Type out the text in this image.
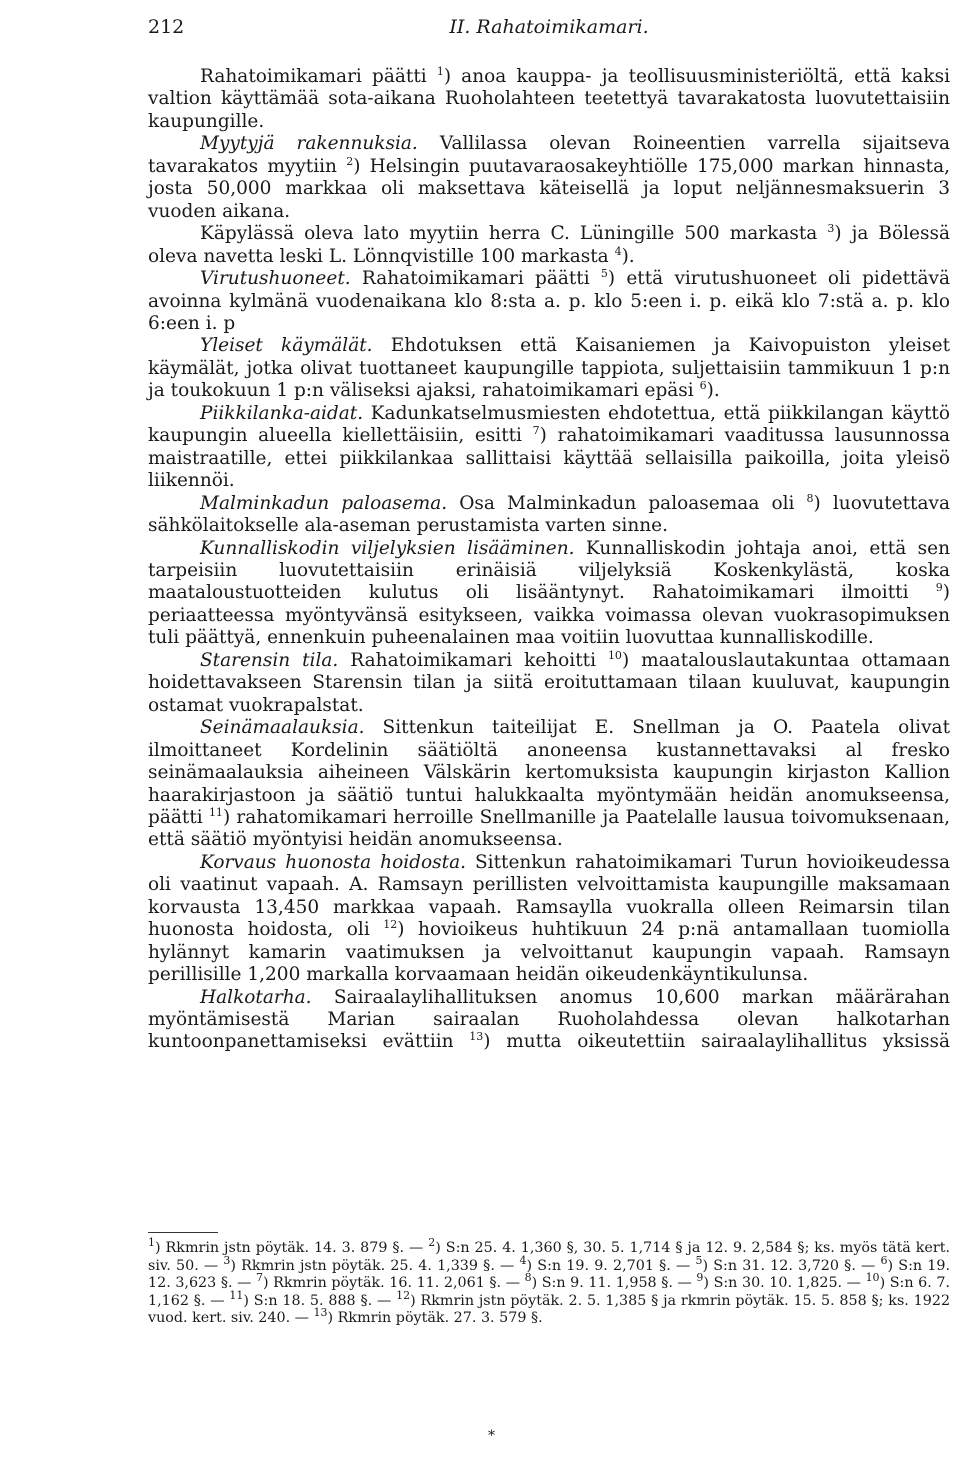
212	II. Rahatoimikamari.

Rahatoimikamari päätti $^1$) anoa kauppa- ja teollisuusministeriöltä, että kaksi valtion käyttämää sota-aikana Ruoholahteen teetettyä tavarakatosta luovutettaisiin kaupungille.

Myytyjä rakennuksia. Vallilassa olevan Roineentien varrella sijaitseva tavarakatos myytiin $^2$) Helsingin puutavaraosakeyhtiölle 175,000 markan hinnasta, josta 50,000 markkaa oli maksettava käteisellä ja loput neljännesmaksuerin 3 vuoden aikana.

Käpylässä oleva lato myytiin herra C. Lüningille 500 markasta $^3$) ja Bölessä oleva navetta leski L. Lönnqvistille 100 markasta $^4$).

Virutushuoneet. Rahatoimikamari päätti $^5$) että virutushuoneet oli pidettävä avoinna kylmänä vuodenaikana klo 8:sta a. p. klo 5:een i. p. eikä klo 7:stä a. p. klo 6:een i. p

Yleiset käymälät. Ehdotuksen että Kaisaniemen ja Kaivopuiston yleiset käymälät, jotka olivat tuottaneet kaupungille tappiota, suljettaisiin tammikuun 1 p:n ja toukokuun 1 p:n väliseksi ajaksi, rahatoimikamari epäsi $^6$).

Piikkilanka-aidat. Kadunkatselmusmiesten ehdotettua, että piikkilangan käyttö kaupungin alueella kiellettäisiin, esitti $^7$) rahatoimikamari vaaditussa lausunnossa maistraatille, ettei piikkilankaa sallittaisi käyttää sellaisilla paikoilla, joita yleisö liikennöi.

Malminkadun paloasema. Osa Malminkadun paloasemaa oli $^8$) luovutettava sähkölaitokselle ala-aseman perustamista varten sinne.

Kunnalliskodin viljelyksien lisääminen. Kunnalliskodin johtaja anoi, että sen tarpeisiin luovutettaisiin erinäisiä viljelyksiä Koskenkylästä, koska maataloustuotteiden kulutus oli lisääntynyt. Rahatoimikamari ilmoitti $^9$) periaatteessa myöntyvänsä esitykseen, vaikka voimassa olevan vuokrasopimuksen tuli päättyä, ennenkuin puheenalainen maa voitiin luovuttaa kunnalliskodille.

Starensin tila. Rahatoimikamari kehoitti $^{10}$) maatalouslautakuntaa ottamaan hoidettavakseen Starensin tilan ja siitä eroituttamaan tilaan kuuluvat, kaupungin ostamat vuokrapalstat.

Seinämaalauksia. Sittenkun taiteilijat E. Snellman ja O. Paatela olivat ilmoittaneet Kordelinin säätiöltä anoneensa kustannettavaksi al fresko seinämaalauksia aiheineen Välskärin kertomuksista kaupungin kirjaston Kallion haarakirjastoon ja säätiö tuntui halukkaalta myöntymään heidän anomukseensa, päätti $^{11}$) rahatomikamari herroille Snellmanille ja Paatelalle lausua toivomuksenaan, että säätiö myöntyisi heidän anomukseensa.

Korvaus huonosta hoidosta. Sittenkun rahatoimikamari Turun hovioikeudessa oli vaatinut vapaah. A. Ramsayn perillisten velvoittamista kaupungille maksamaan korvausta 13,450 markkaa vapaah. Ramsaylla vuokralla olleen Reimarsin tilan huonosta hoidosta, oli $^{12}$) hovioikeus huhtikuun 24 p:nä antamallaan tuomiolla hylännyt kamarin vaatimuksen ja velvoittanut kaupungin vapaah. Ramsayn perillisille 1,200 markalla korvaamaan heidän oikeudenkäyntikulunsa.

Halkotarha. Sairaalaylihallituksen anomus 10,600 markan määrärahan myöntämisestä Marian sairaalan Ruoholahdessa olevan halkotarhan kuntoonpanettamiseksi evättiin $^{13}$) mutta oikeutettiin sairaalaylihallitus yksissä

$^1$) Rkmrin jstn pöytäk. 14. 3. 879 §. — $^2$) S:n 25. 4. 1,360 §, 30. 5. 1,714 § ja 12. 9. 2,584 §; ks. myös tätä kert. siv. 50. — $^3$) Rkmrin jstn pöytäk. 25. 4. 1,339 §. — $^4$) S:n 19. 9. 2,701 §. — $^5$) S:n 31. 12. 3,720 §. — $^6$) S:n 19. 12. 3,623 §. — $^7$) Rkmrin pöytäk. 16. 11. 2,061 §. — $^8$) S:n 9. 11. 1,958 §. — $^9$) S:n 30. 10. 1,825. — $^{10}$) S:n 6. 7. 1,162 §. — $^{11}$) S:n 18. 5. 888 §. — $^{12}$) Rkmrin jstn pöytäk. 2. 5. 1,385 § ja rkmrin pöytäk. 15. 5. 858 §; ks. 1922 vuod. kert. siv. 240. — $^{13}$) Rkmrin pöytäk. 27. 3. 579 §.
*
